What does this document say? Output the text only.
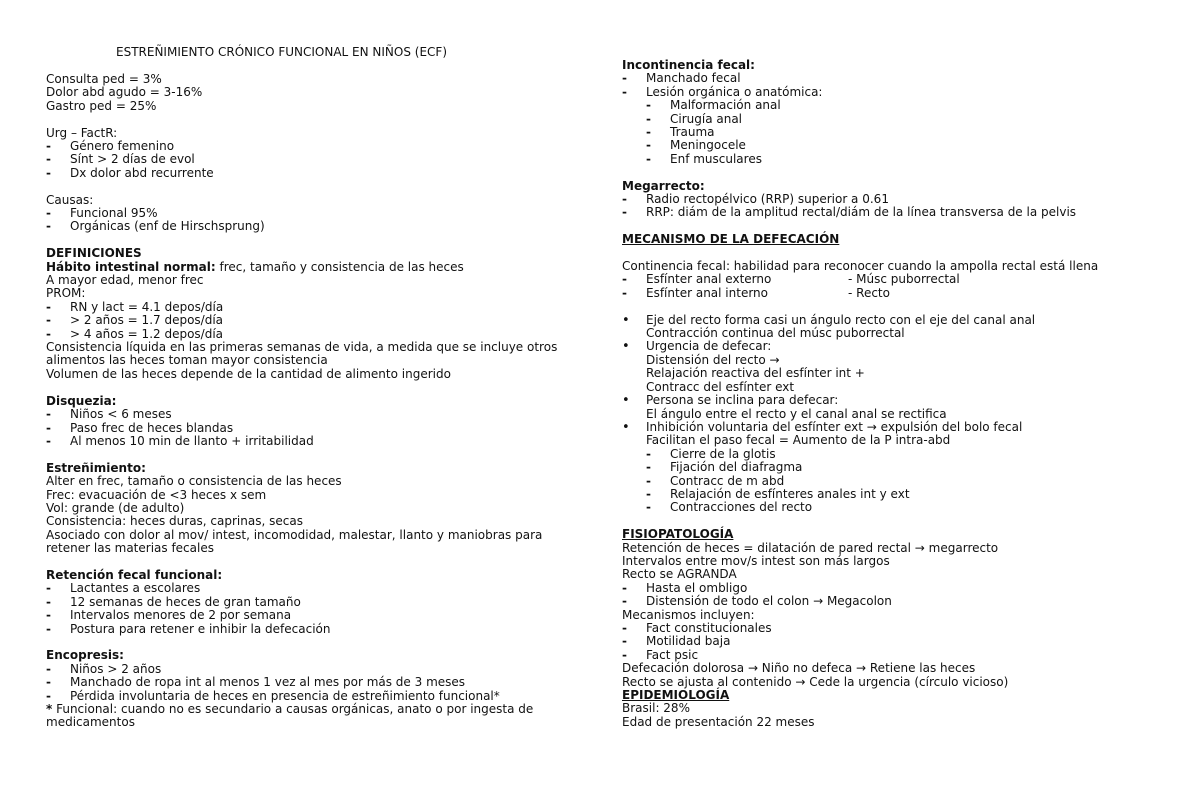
ESTREÑIMIENTO CRÓNICO FUNCIONAL EN NIÑOS (ECF)
Consulta ped = 3%
Dolor abd agudo = 3-16%
Gastro ped = 25%
Urg – FactR:
-	Género femenino
-	Sínt > 2 días de evol
-	Dx dolor abd recurrente
Causas:
-	Funcional 95%
-	Orgánicas (enf de Hirschsprung)
DEFINICIONES
Hábito intestinal normal: frec, tamaño y consistencia de las heces
A mayor edad, menor frec
PROM:
-	RN y lact = 4.1 depos/día
-	> 2 años = 1.7 depos/día
-	> 4 años = 1.2 depos/día
Consistencia líquida en las primeras semanas de vida, a medida que se incluye otros alimentos las heces toman mayor consistencia
Volumen de las heces depende de la cantidad de alimento ingerido
Disquezia:
-	Niños < 6 meses
-	Paso frec de heces blandas
-	Al menos 10 min de llanto + irritabilidad
Estreñimiento:
Alter en frec, tamaño o consistencia de las heces
Frec: evacuación de <3 heces x sem
Vol: grande (de adulto)
Consistencia: heces duras, caprinas, secas
Asociado con dolor al mov/ intest, incomodidad, malestar, llanto y maniobras para retener las materias fecales
Retención fecal funcional:
-	Lactantes a escolares
-	12 semanas de heces de gran tamaño
-	Intervalos menores de 2 por semana
-	Postura para retener e inhibir la defecación
Encopresis:
-	Niños > 2 años
-	Manchado de ropa int al menos 1 vez al mes por más de 3 meses
-	Pérdida involuntaria de heces en presencia de estreñimiento funcional*
* Funcional: cuando no es secundario a causas orgánicas, anato o por ingesta de medicamentos
Incontinencia fecal:
-	Manchado fecal
-	Lesión orgánica o anatómica:
-	Malformación anal
-	Cirugía anal
-	Trauma
-	Meningocele
-	Enf musculares
Megarrecto:
-	Radio rectopélvico (RRP) superior a 0.61
-	RRP: diám de la amplitud rectal/diám de la línea transversa de la pelvis
MECANISMO DE LA DEFECACIÓN
Continencia fecal: habilidad para reconocer cuando la ampolla rectal está llena
-	Esfínter anal externo	- Músc puborrectal
-	Esfínter anal interno	- Recto
•	Eje del recto forma casi un ángulo recto con el eje del canal anal
Contracción continua del músc puborrectal
•	Urgencia de defecar:
Distensión del recto →
Relajación reactiva del esfínter int +
Contracc del esfínter ext
•	Persona se inclina para defecar:
El ángulo entre el recto y el canal anal se rectifica
•	Inhibición voluntaria del esfínter ext → expulsión del bolo fecal
Facilitan el paso fecal = Aumento de la P intra-abd
-	Cierre de la glotis
-	Fijación del diafragma
-	Contracc de m abd
-	Relajación de esfínteres anales int y ext
-	Contracciones del recto
FISIOPATOLOGÍA
Retención de heces = dilatación de pared rectal → megarrecto
Intervalos entre mov/s intest son más largos
Recto se AGRANDA
-	Hasta el ombligo
-	Distensión de todo el colon → Megacolon
Mecanismos incluyen:
-	Fact constitucionales
-	Motilidad baja
-	Fact psic
Defecación dolorosa → Niño no defeca → Retiene las heces
Recto se ajusta al contenido → Cede la urgencia (círculo vicioso)
EPIDEMIOLOGÍA
Brasil: 28%
Edad de presentación 22 meses
